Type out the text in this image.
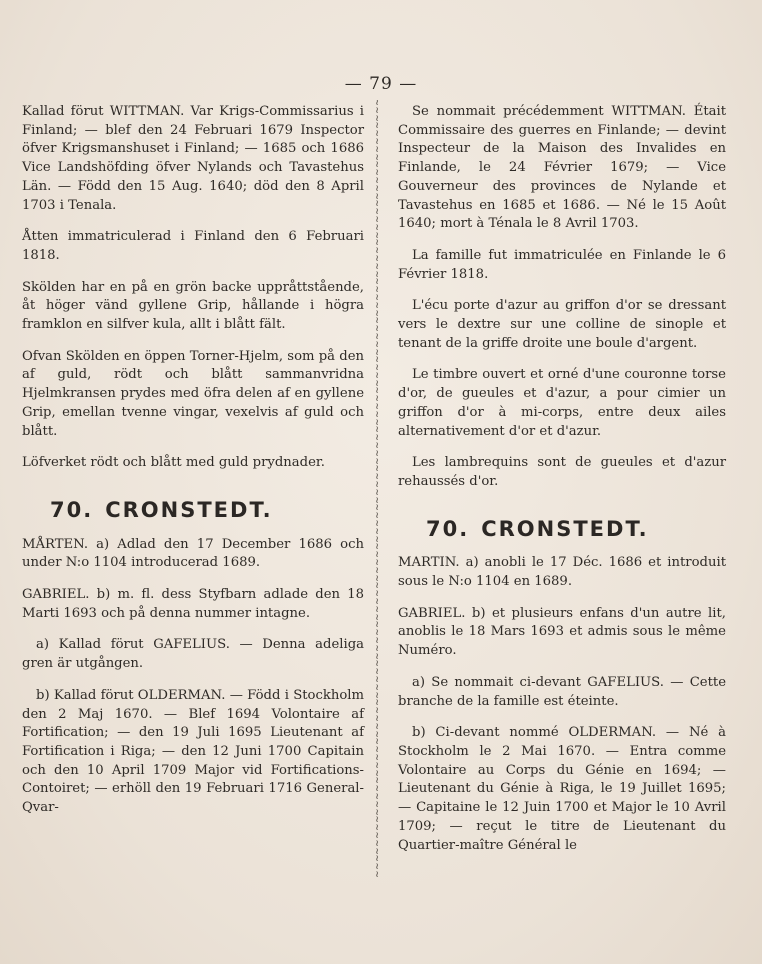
— 79 —

Kallad förut WITTMAN. Var Krigs-Commissarius i Finland; — blef den 24 Februari 1679 Inspector öfver Krigsmanshuset i Finland; — 1685 och 1686 Vice Landshöfding öfver Nylands och Tavastehus Län. — Född den 15 Aug. 1640; död den 8 April 1703 i Tenala.

Åtten immatriculerad i Finland den 6 Februari 1818.

Skölden har en på en grön backe uppråttstående, åt höger vänd gyllene Grip, hållande i högra framklon en silfver kula, allt i blått fält.

Ofvan Skölden en öppen Torner-Hjelm, som på den af guld, rödt och blått sammanvridna Hjelmkransen prydes med öfra delen af en gyllene Grip, emellan tvenne vingar, vexelvis af guld och blått.

Löfverket rödt och blått med guld prydnader.

70. CRONSTEDT.

MÅRTEN. a) Adlad den 17 December 1686 och under N:o 1104 introducerad 1689.

GABRIEL. b) m. fl. dess Styfbarn adlade den 18 Marti 1693 och på denna nummer intagne.

a) Kallad förut GAFELIUS. — Denna adeliga gren är utgången.

b) Kallad förut OLDERMAN. — Född i Stockholm den 2 Maj 1670. — Blef 1694 Volontaire af Fortification; — den 19 Juli 1695 Lieutenant af Fortification i Riga; — den 12 Juni 1700 Capitain och den 10 April 1709 Major vid Fortifications-Contoiret; — erhöll den 19 Februari 1716 General-Qvar-

≀
≀
≀
≀
≀
≀
≀
≀
≀
≀
≀
≀
≀
≀
≀
≀
≀
≀
≀
≀
≀
≀
≀
≀
≀
≀
≀
≀
≀
≀
≀
≀
≀
≀
≀
≀
≀
≀
≀
≀
≀
≀
≀
≀
≀
≀
≀
≀
≀
≀
≀
≀
≀
≀
≀
≀
≀
≀
≀
≀
≀
≀
≀
≀
≀
≀
≀
≀
≀
≀
≀
≀
≀
≀
≀
≀
≀
≀
≀
≀
≀
≀
≀
≀
≀
≀
≀
≀
≀
≀
≀
≀
≀
≀
≀
≀
≀
≀
≀
≀

Se nommait précédemment WITTMAN. Était Commissaire des guerres en Finlande; — devint Inspecteur de la Maison des Invalides en Finlande, le 24 Février 1679; — Vice Gouverneur des provinces de Nylande et Tavastehus en 1685 et 1686. — Né le 15 Août 1640; mort à Ténala le 8 Avril 1703.

La famille fut immatriculée en Finlande le 6 Février 1818.

L'écu porte d'azur au griffon d'or se dressant vers le dextre sur une colline de sinople et tenant de la griffe droite une boule d'argent.

Le timbre ouvert et orné d'une couronne torse d'or, de gueules et d'azur, a pour cimier un griffon d'or à mi-corps, entre deux ailes alternativement d'or et d'azur.

Les lambrequins sont de gueules et d'azur rehaussés d'or.

70. CRONSTEDT.

MARTIN. a) anobli le 17 Déc. 1686 et introduit sous le N:o 1104 en 1689.

GABRIEL. b) et plusieurs enfans d'un autre lit, anoblis le 18 Mars 1693 et admis sous le même Numéro.

a) Se nommait ci-devant GAFELIUS. — Cette branche de la famille est éteinte.

b) Ci-devant nommé OLDERMAN. — Né à Stockholm le 2 Mai 1670. — Entra comme Volontaire au Corps du Génie en 1694; — Lieutenant du Génie à Riga, le 19 Juillet 1695; — Capitaine le 12 Juin 1700 et Major le 10 Avril 1709; — reçut le titre de Lieutenant du Quartier-maître Général le
